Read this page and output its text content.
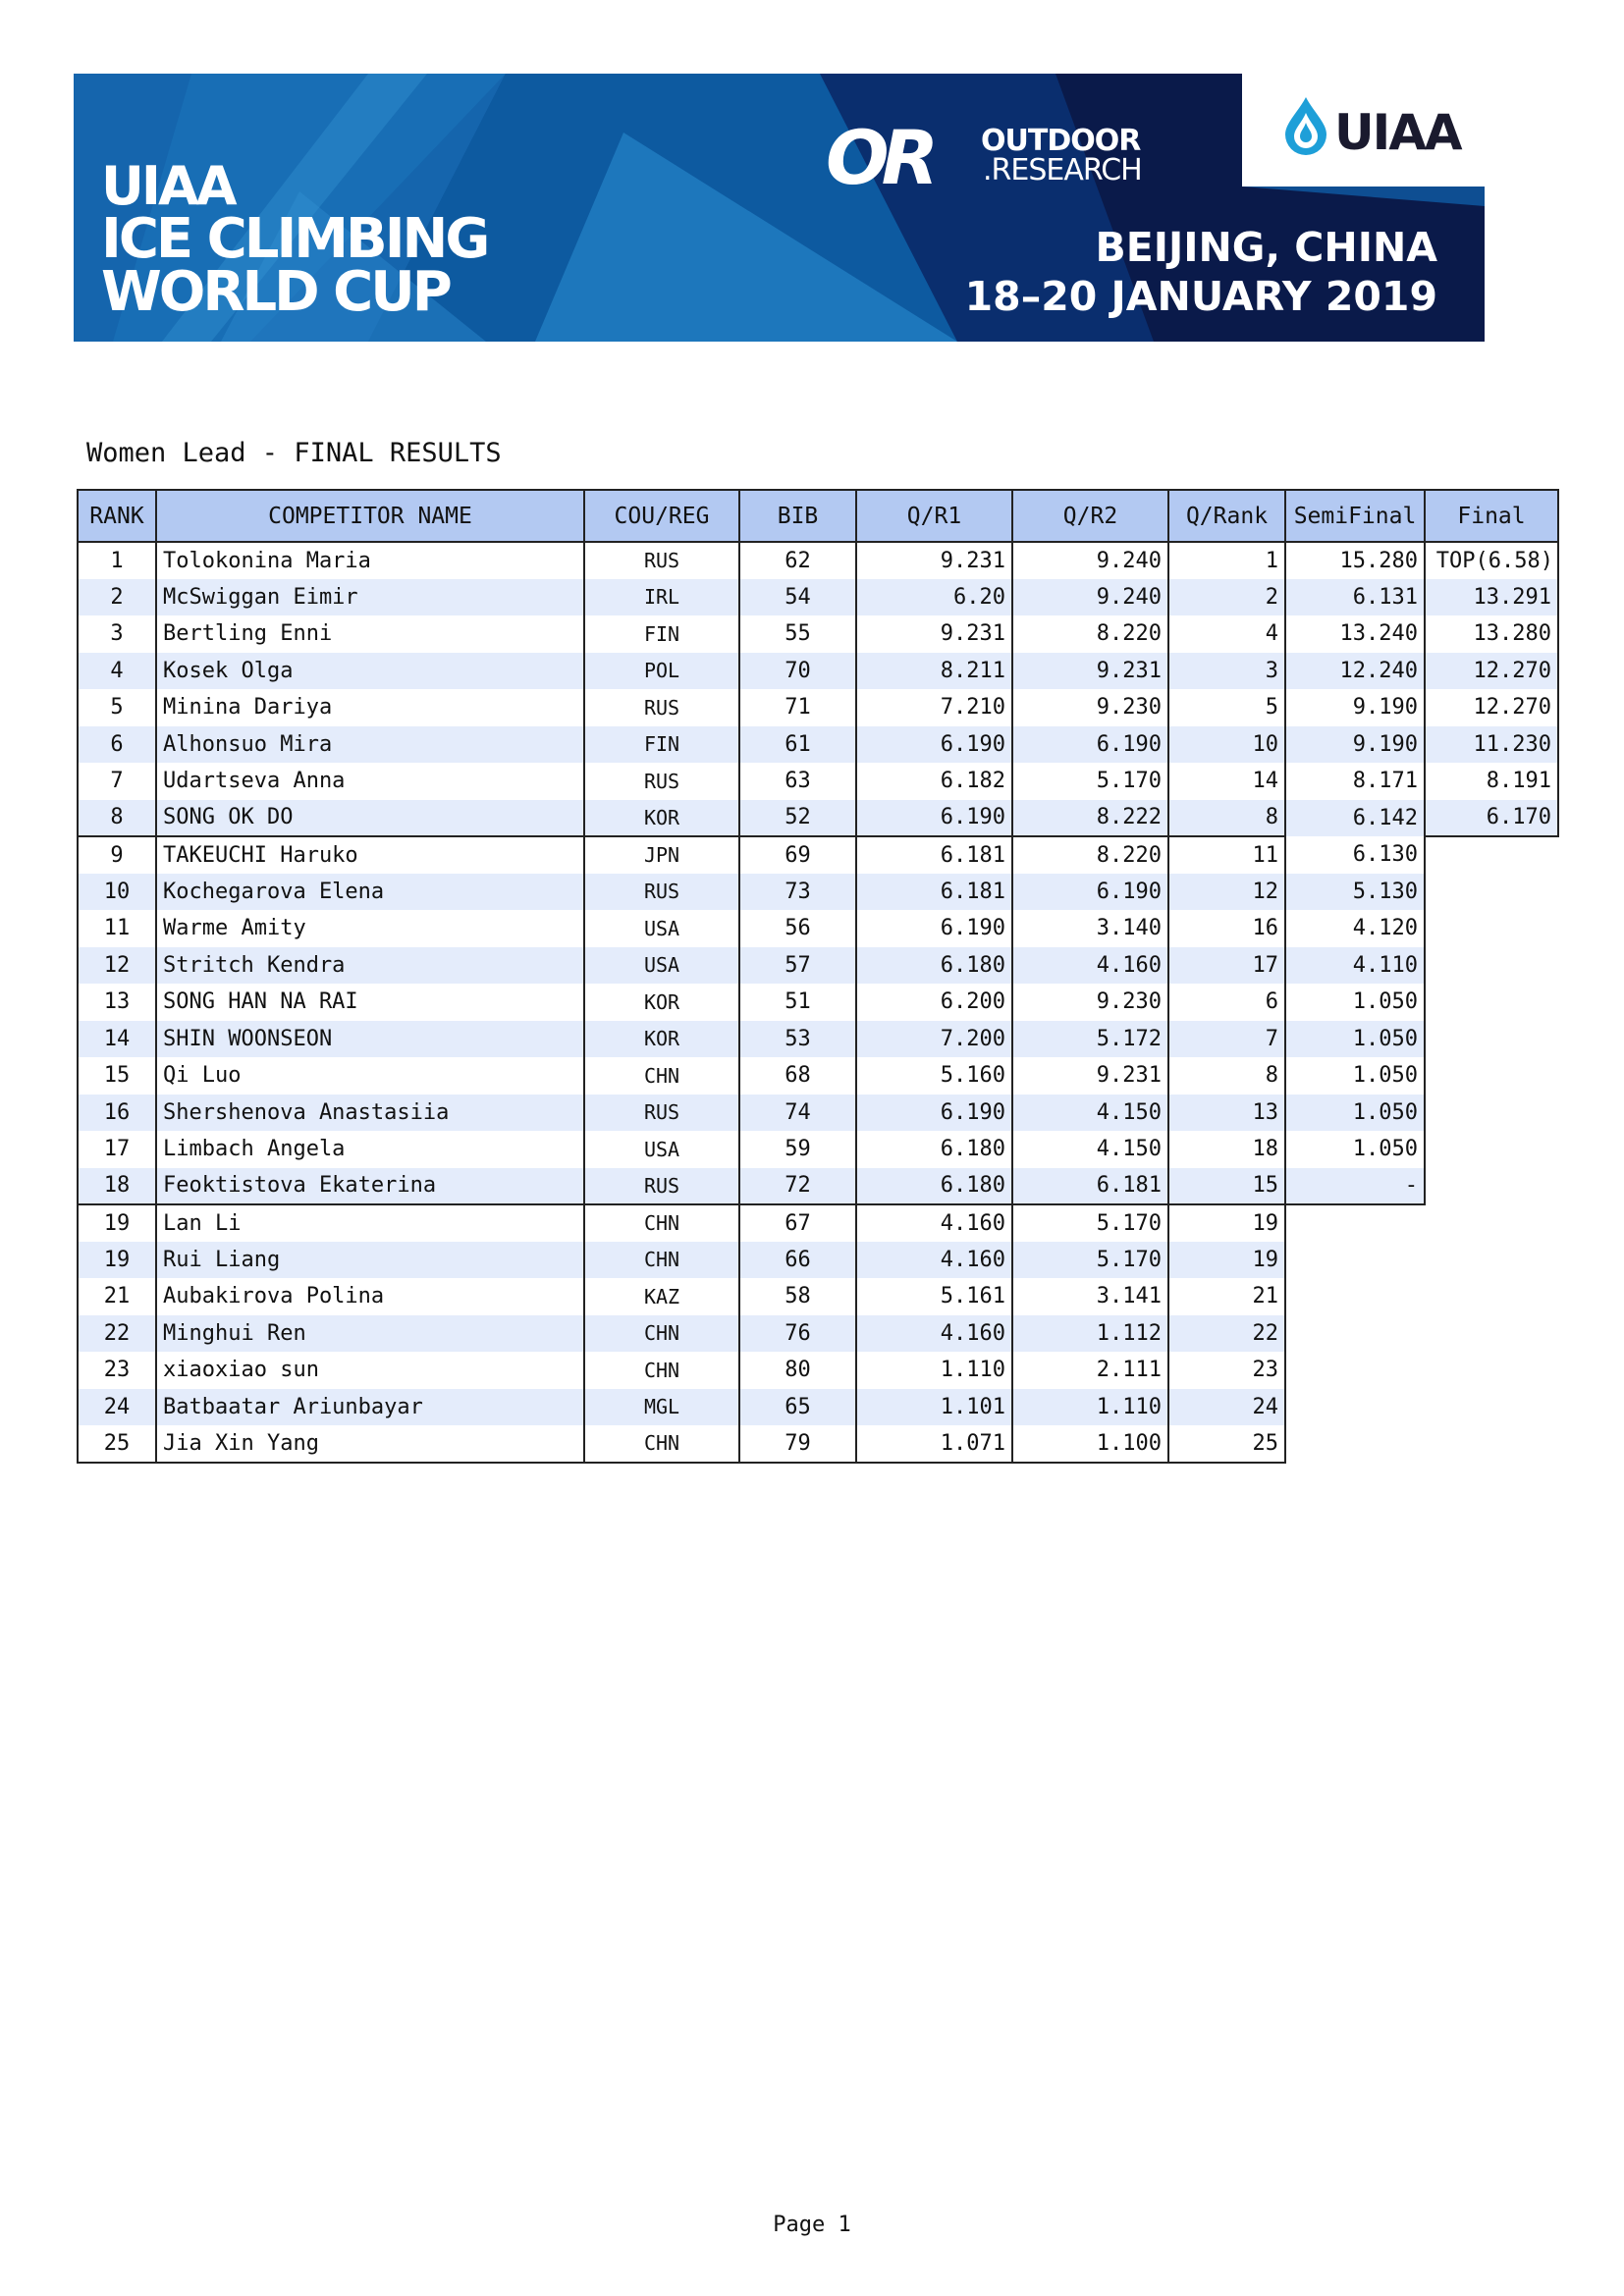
UIAA
ICE CLIMBING
WORLD CUP
OR OUTDOOR
.RESEARCH
UIAA
BEIJING, CHINA
18–20 JANUARY 2019
Women Lead - FINAL RESULTS
RANK	COMPETITOR NAME	COU/REG	BIB	Q/R1	Q/R2	Q/Rank	SemiFinal	Final
1	Tolokonina Maria	RUS	62	9.231	9.240	1	15.280	TOP(6.58)
2	McSwiggan Eimir	IRL	54	6.20	9.240	2	6.131	13.291
3	Bertling Enni	FIN	55	9.231	8.220	4	13.240	13.280
4	Kosek Olga	POL	70	8.211	9.231	3	12.240	12.270
5	Minina Dariya	RUS	71	7.210	9.230	5	9.190	12.270
6	Alhonsuo Mira	FIN	61	6.190	6.190	10	9.190	11.230
7	Udartseva Anna	RUS	63	6.182	5.170	14	8.171	8.191
8	SONG OK DO	KOR	52	6.190	8.222	8	6.142	6.170
9	TAKEUCHI Haruko	JPN	69	6.181	8.220	11	6.130	
10	Kochegarova Elena	RUS	73	6.181	6.190	12	5.130	
11	Warme Amity	USA	56	6.190	3.140	16	4.120	
12	Stritch Kendra	USA	57	6.180	4.160	17	4.110	
13	SONG HAN NA RAI	KOR	51	6.200	9.230	6	1.050	
14	SHIN WOONSEON	KOR	53	7.200	5.172	7	1.050	
15	Qi Luo	CHN	68	5.160	9.231	8	1.050	
16	Shershenova Anastasiia	RUS	74	6.190	4.150	13	1.050	
17	Limbach Angela	USA	59	6.180	4.150	18	1.050	
18	Feoktistova Ekaterina	RUS	72	6.180	6.181	15	-	
19	Lan Li	CHN	67	4.160	5.170	19		
19	Rui Liang	CHN	66	4.160	5.170	19		
21	Aubakirova Polina	KAZ	58	5.161	3.141	21		
22	Minghui Ren	CHN	76	4.160	1.112	22		
23	xiaoxiao sun	CHN	80	1.110	2.111	23		
24	Batbaatar Ariunbayar	MGL	65	1.101	1.110	24		
25	Jia Xin Yang	CHN	79	1.071	1.100	25		
Page 1
